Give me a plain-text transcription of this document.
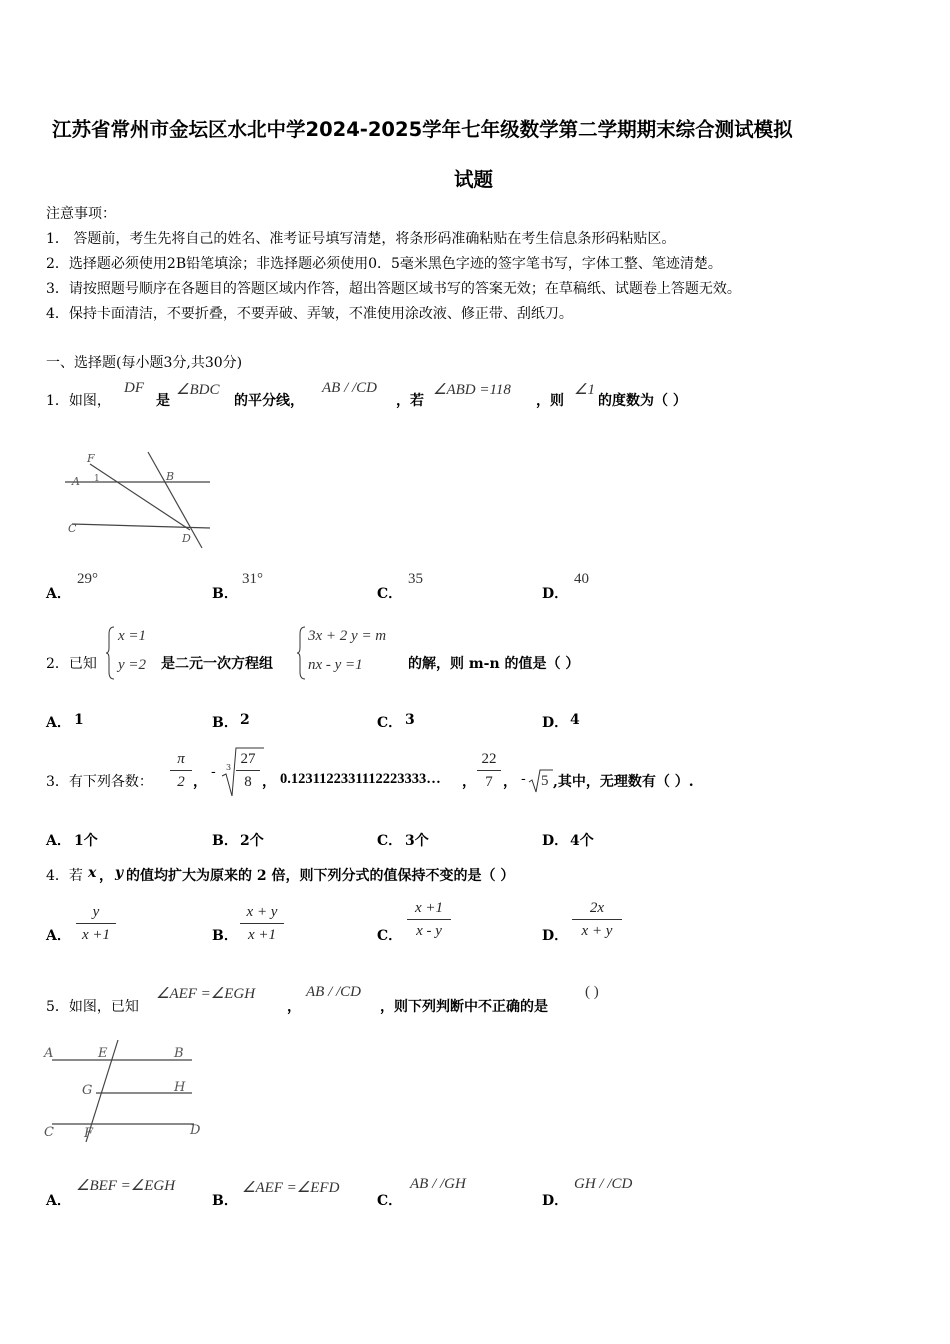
江苏省常州市金坛区水北中学2024-2025学年七年级数学第二学期期末综合测试模拟
试题
注意事项：
1． 答题前，考生先将自己的姓名、准考证号填写清楚，将条形码准确粘贴在考生信息条形码粘贴区。
2．选择题必须使用2B铅笔填涂；非选择题必须使用0．5毫米黑色字迹的签字笔书写，字体工整、笔迹清楚。
3．请按照题号顺序在各题目的答题区域内作答，超出答题区域书写的答案无效；在草稿纸、试题卷上答题无效。
4．保持卡面清洁，不要折叠，不要弄破、弄皱，不准使用涂改液、修正带、刮纸刀。
一、选择题(每小题3分,共30分)
1．如图，
DF
是
∠BDC
的平分线，
AB / /CD
，若
∠ABD =118
，则
∠1
的度数为（ ）
F
A 1	B
C
D
A．
29°
B．
31°
C．
35
D．
40
2．已知
x =1
y =2 是二元一次方程组
3x + 2 y = m
nx - y =1	的解，则 m-n 的值是（ ）
A． 1	B． 2	C． 3	D． 4
3．有下列各数：
π
2 ，
- 3
27
8 ， 0.1231122331112223333… ，
22
7 ， - 5 ,其中，无理数有（ ）.
A． 1个	B． 2个	C． 3个	D． 4个
4．若 x ， y 的值均扩大为原来的 2 倍，则下列分式的值保持不变的是（ ）
A．
y
x +1	B．
x + y
x +1	C．
x +1
x - y	D．
2x
x + y
5．如图，已知
∠AEF =∠EGH
，
AB / /CD
，则下列判断中不正确的是
( )
A	E	B
G	H
C F	D
A．
∠BEF =∠EGH
B．
∠AEF =∠EFD
C．
AB / /GH
D．
GH / /CD
